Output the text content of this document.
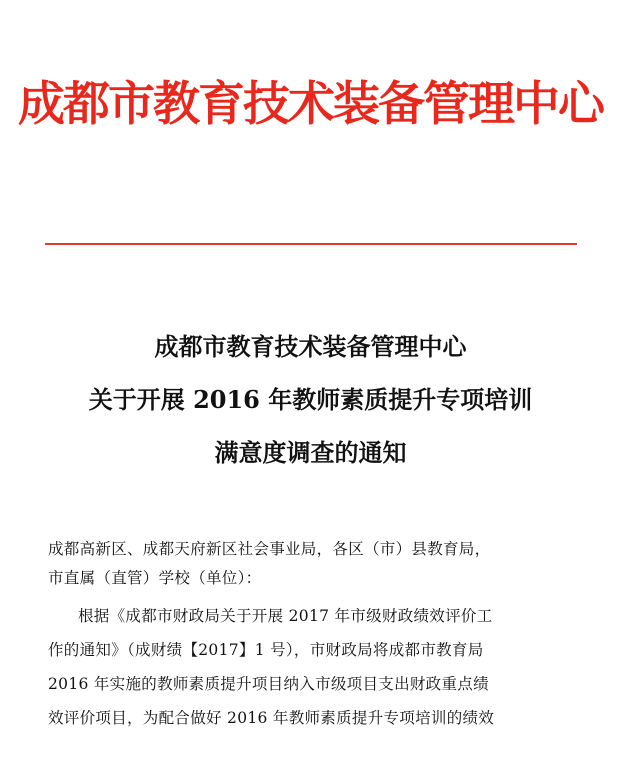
成都市教育技术装备管理中心
成都市教育技术装备管理中心
关于开展 2016 年教师素质提升专项培训
满意度调查的通知
成都高新区、成都天府新区社会事业局，各区（市）县教育局，
市直属（直管）学校（单位）：
根据《成都市财政局关于开展 2017 年市级财政绩效评价工
作的通知》（成财绩【2017】1 号），市财政局将成都市教育局
2016 年实施的教师素质提升项目纳入市级项目支出财政重点绩
效评价项目，为配合做好 2016 年教师素质提升专项培训的绩效
